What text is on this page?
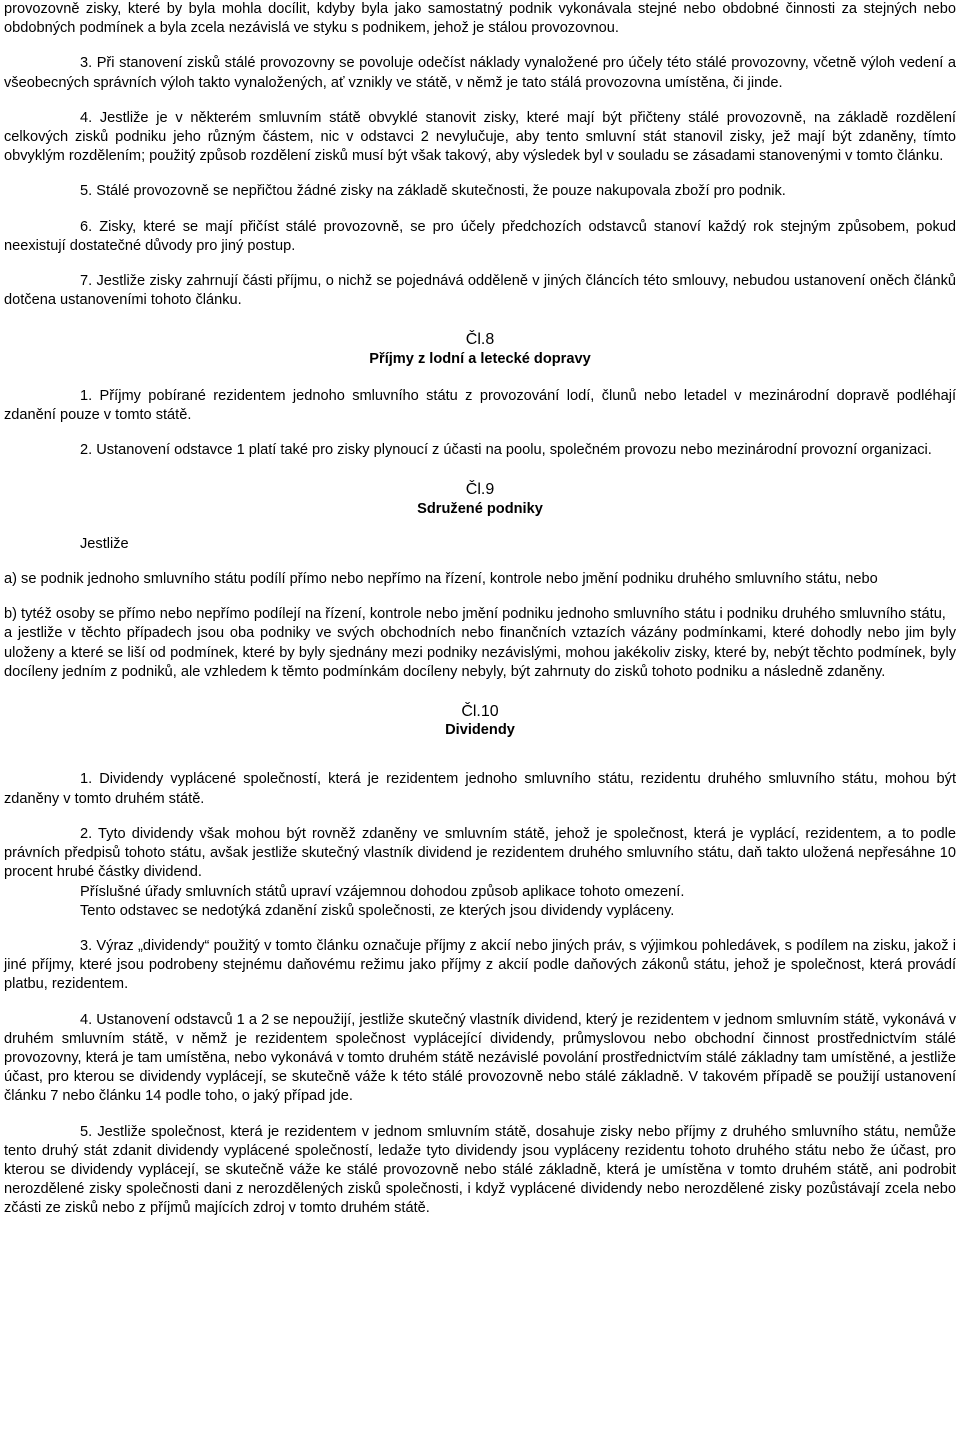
provozovně zisky, které by byla mohla docílit, kdyby byla jako samostatný podnik vykonávala stejné nebo obdobné činnosti za stejných nebo obdobných podmínek a byla zcela nezávislá ve styku s podnikem, jehož je stálou provozovnou.

3. Při stanovení zisků stálé provozovny se povoluje odečíst náklady vynaložené pro účely této stálé provozovny, včetně výloh vedení a všeobecných správních výloh takto vynaložených, ať vznikly ve státě, v němž je tato stálá provozovna umístěna, či jinde.

4. Jestliže je v některém smluvním státě obvyklé stanovit zisky, které mají být přičteny stálé provozovně, na základě rozdělení celkových zisků podniku jeho různým částem, nic v odstavci 2 nevylučuje, aby tento smluvní stát stanovil zisky, jež mají být zdaněny, tímto obvyklým rozdělením; použitý způsob rozdělení zisků musí být však takový, aby výsledek byl v souladu se zásadami stanovenými v tomto článku.

5. Stálé provozovně se nepřičtou žádné zisky na základě skutečnosti, že pouze nakupovala zboží pro podnik.

6. Zisky, které se mají přičíst stálé provozovně, se pro účely předchozích odstavců stanoví každý rok stejným způsobem, pokud neexistují dostatečné důvody pro jiný postup.

7. Jestliže zisky zahrnují části příjmu, o nichž se pojednává odděleně v jiných článcích této smlouvy, nebudou ustanovení oněch článků dotčena ustanoveními tohoto článku.

Čl.8
Příjmy z lodní a letecké dopravy

1. Příjmy pobírané rezidentem jednoho smluvního státu z provozování lodí, člunů nebo letadel v mezinárodní dopravě podléhají zdanění pouze v tomto státě.

2. Ustanovení odstavce 1 platí také pro zisky plynoucí z účasti na poolu, společném provozu nebo mezinárodní provozní organizaci.

Čl.9
Sdružené podniky

Jestliže

a) se podnik jednoho smluvního státu podílí přímo nebo nepřímo na řízení, kontrole nebo jmění podniku druhého smluvního státu, nebo

b) tytéž osoby se přímo nebo nepřímo podílejí na řízení, kontrole nebo jmění podniku jednoho smluvního státu i podniku druhého smluvního státu,

a jestliže v těchto případech jsou oba podniky ve svých obchodních nebo finančních vztazích vázány podmínkami, které dohodly nebo jim byly uloženy a které se liší od podmínek, které by byly sjednány mezi podniky nezávislými, mohou jakékoliv zisky, které by, nebýt těchto podmínek, byly docíleny jedním z podniků, ale vzhledem k těmto podmínkám docíleny nebyly, být zahrnuty do zisků tohoto podniku a následně zdaněny.

Čl.10
Dividendy

1. Dividendy vyplácené společností, která je rezidentem jednoho smluvního státu, rezidentu druhého smluvního státu, mohou být zdaněny v tomto druhém státě.

2. Tyto dividendy však mohou být rovněž zdaněny ve smluvním státě, jehož je společnost, která je vyplácí, rezidentem, a to podle právních předpisů tohoto státu, avšak jestliže skutečný vlastník dividend je rezidentem druhého smluvního státu, daň takto uložená nepřesáhne 10 procent hrubé částky dividend.

Příslušné úřady smluvních států upraví vzájemnou dohodou způsob aplikace tohoto omezení.

Tento odstavec se nedotýká zdanění zisků společnosti, ze kterých jsou dividendy vypláceny.

3. Výraz „dividendy“ použitý v tomto článku označuje příjmy z akcií nebo jiných práv, s výjimkou pohledávek, s podílem na zisku, jakož i jiné příjmy, které jsou podrobeny stejnému daňovému režimu jako příjmy z akcií podle daňových zákonů státu, jehož je společnost, která provádí platbu, rezidentem.

4. Ustanovení odstavců 1 a 2 se nepoužijí, jestliže skutečný vlastník dividend, který je rezidentem v jednom smluvním státě, vykonává v druhém smluvním státě, v němž je rezidentem společnost vyplácející dividendy, průmyslovou nebo obchodní činnost prostřednictvím stálé provozovny, která je tam umístěna, nebo vykonává v tomto druhém státě nezávislé povolání prostřednictvím stálé základny tam umístěné, a jestliže účast, pro kterou se dividendy vyplácejí, se skutečně váže k této stálé provozovně nebo stálé základně. V takovém případě se použijí ustanovení článku 7 nebo článku 14 podle toho, o jaký případ jde.

5. Jestliže společnost, která je rezidentem v jednom smluvním státě, dosahuje zisky nebo příjmy z druhého smluvního státu, nemůže tento druhý stát zdanit dividendy vyplácené společností, ledaže tyto dividendy jsou vypláceny rezidentu tohoto druhého státu nebo že účast, pro kterou se dividendy vyplácejí, se skutečně váže ke stálé provozovně nebo stálé základně, která je umístěna v tomto druhém státě, ani podrobit nerozdělené zisky společnosti dani z nerozdělených zisků společnosti, i když vyplácené dividendy nebo nerozdělené zisky pozůstávají zcela nebo zčásti ze zisků nebo z příjmů majících zdroj v tomto druhém státě.
